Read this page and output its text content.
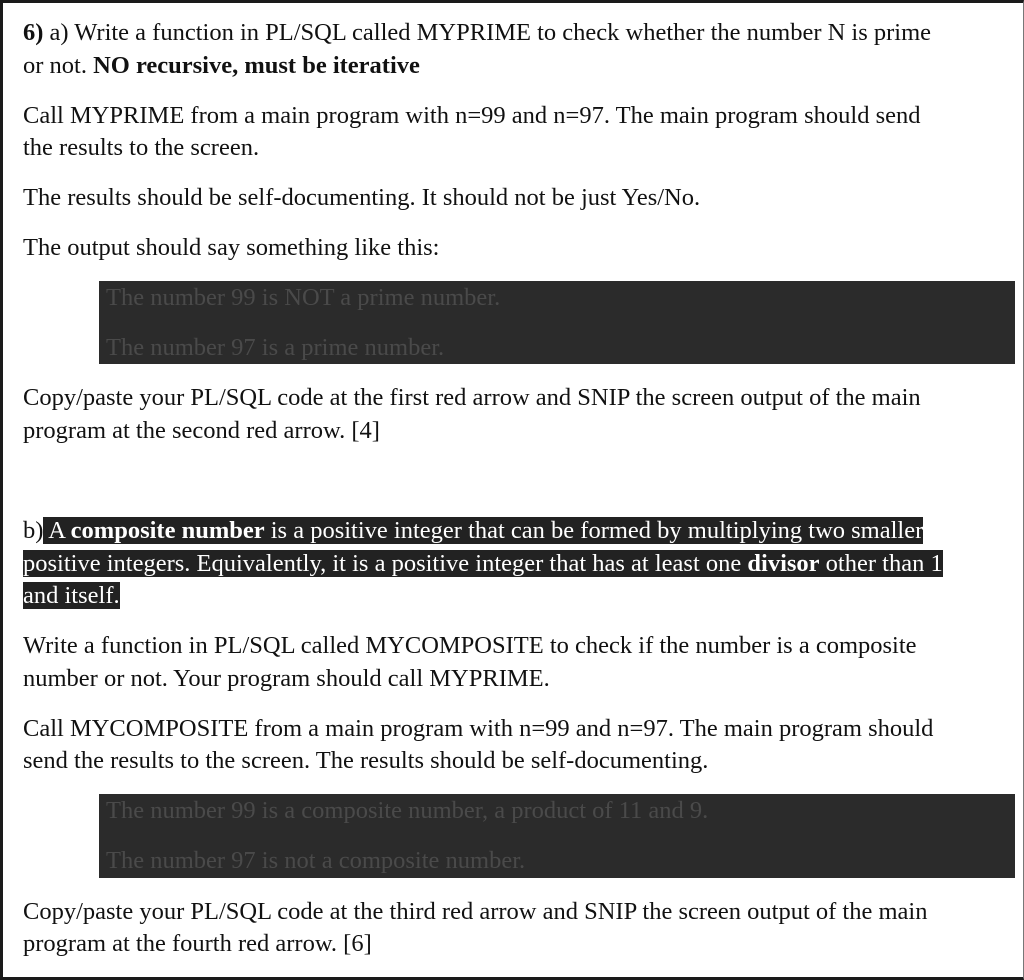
6) a) Write a function in PL/SQL called MYPRIME to check whether the number N is prime
or not. NO recursive, must be iterative
Call MYPRIME from a main program with n=99 and n=97. The main program should send
the results to the screen.
The results should be self-documenting. It should not be just Yes/No.
The output should say something like this:
The number 99 is NOT a prime number.
The number 97 is a prime number.
Copy/paste your PL/SQL code at the first red arrow and SNIP the screen output of the main
program at the second red arrow. [4]
b) A composite number is a positive integer that can be formed by multiplying two smaller
positive integers. Equivalently, it is a positive integer that has at least one divisor other than 1
and itself.
Write a function in PL/SQL called MYCOMPOSITE to check if the number is a composite
number or not. Your program should call MYPRIME.
Call MYCOMPOSITE from a main program with n=99 and n=97. The main program should
send the results to the screen. The results should be self-documenting.
The number 99 is a composite number, a product of 11 and 9.
The number 97 is not a composite number.
Copy/paste your PL/SQL code at the third red arrow and SNIP the screen output of the main
program at the fourth red arrow. [6]
